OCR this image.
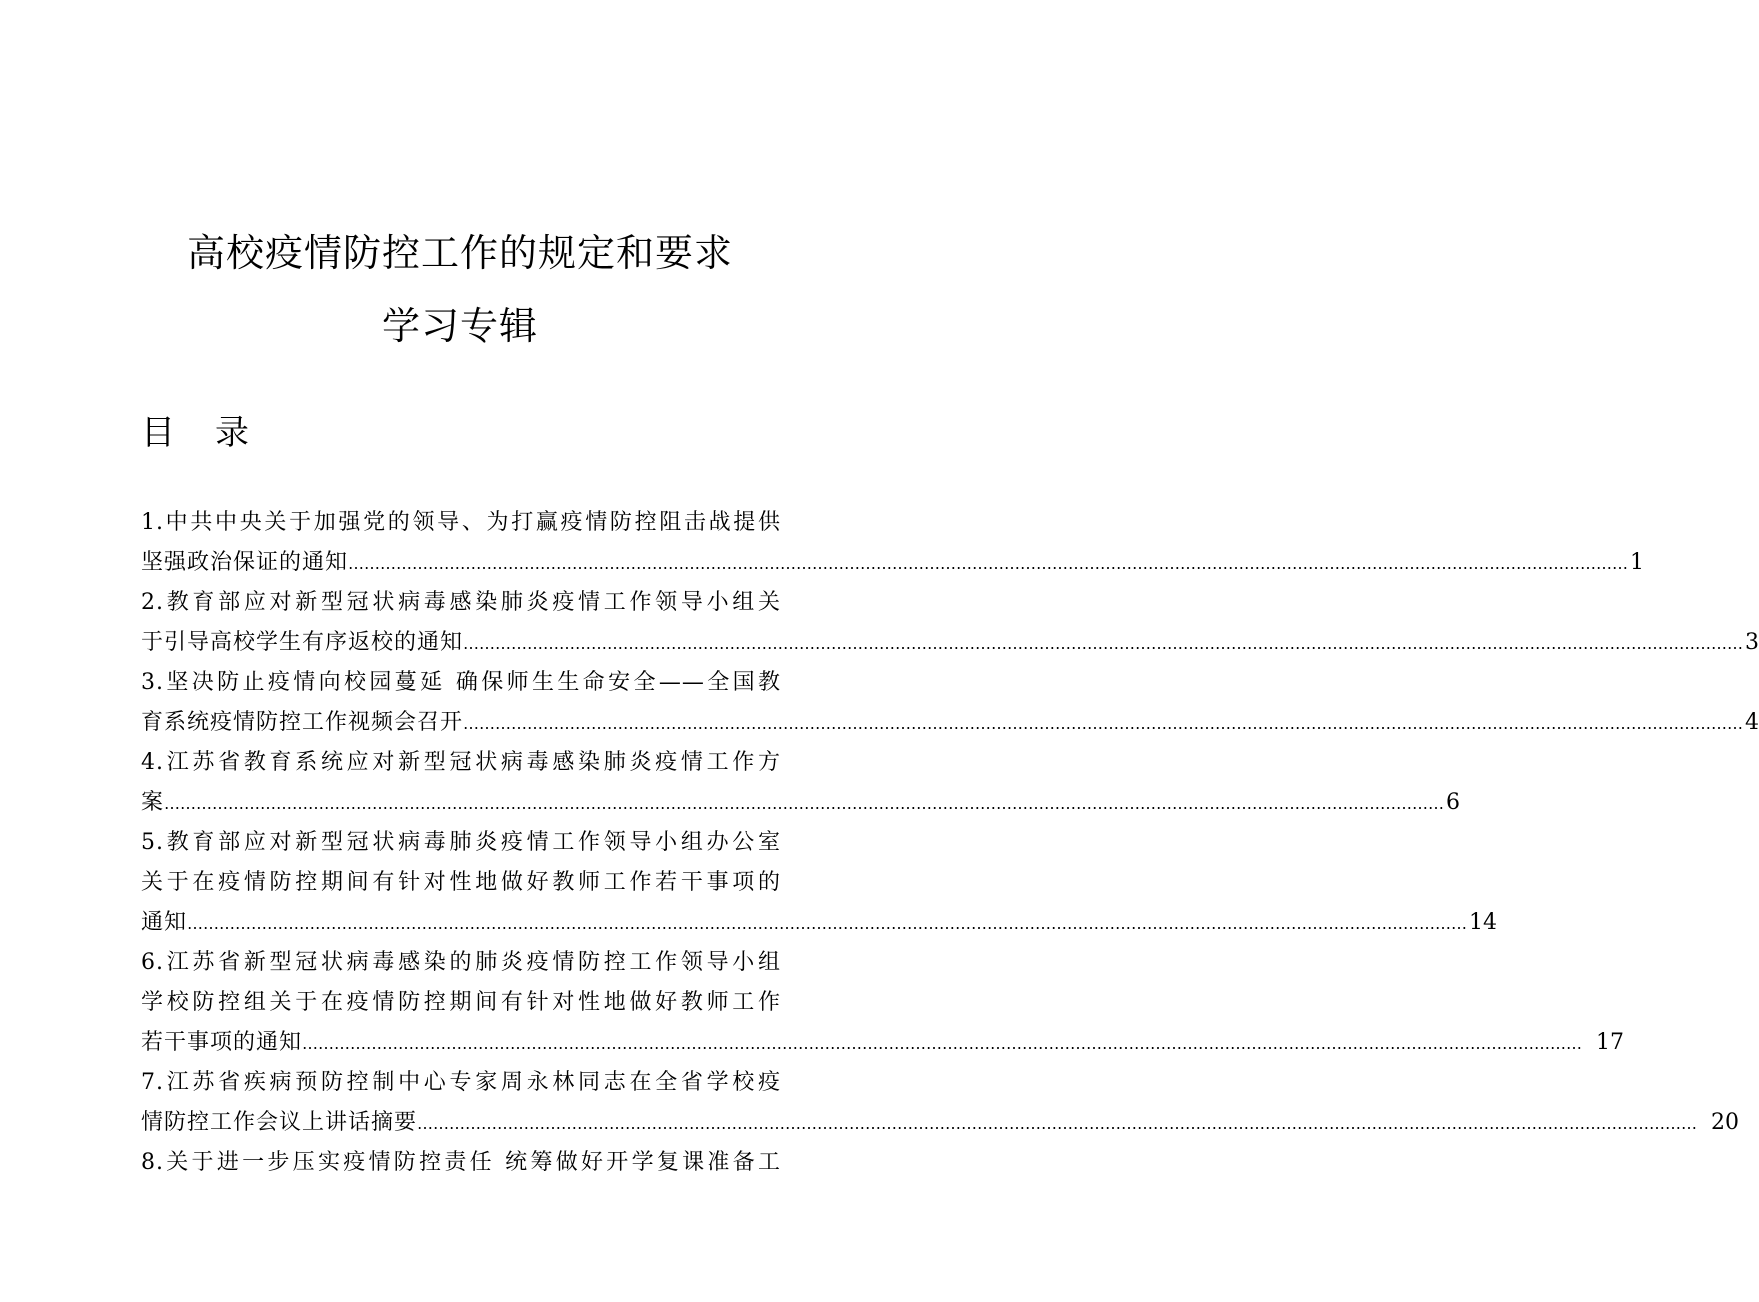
高校疫情防控工作的规定和要求
学习专辑
目 录
1.中共中央关于加强党的领导、为打赢疫情防控阻击战提供
坚强政治保证的通知 …………………………………………………………………………………………………………………………………………………………………………………………………………………… 1
2.教育部应对新型冠状病毒感染肺炎疫情工作领导小组关
于引导高校学生有序返校的通知 …………………………………………………………………………………………………………………………………………………………………………………………………………………… 3
3.坚决防止疫情向校园蔓延 确保师生生命安全——全国教
育系统疫情防控工作视频会召开 …………………………………………………………………………………………………………………………………………………………………………………………………………………… 4
4.江苏省教育系统应对新型冠状病毒感染肺炎疫情工作方
案 …………………………………………………………………………………………………………………………………………………………………………………………………………………… 6
5.教育部应对新型冠状病毒肺炎疫情工作领导小组办公室
关于在疫情防控期间有针对性地做好教师工作若干事项的
通知 …………………………………………………………………………………………………………………………………………………………………………………………………………………… 14
6.江苏省新型冠状病毒感染的肺炎疫情防控工作领导小组
学校防控组关于在疫情防控期间有针对性地做好教师工作
若干事项的通知 …………………………………………………………………………………………………………………………………………………………………………………………………………………… 17
7.江苏省疾病预防控制中心专家周永林同志在全省学校疫
情防控工作会议上讲话摘要 …………………………………………………………………………………………………………………………………………………………………………………………………………………… 20
8.关于进一步压实疫情防控责任 统筹做好开学复课准备工
